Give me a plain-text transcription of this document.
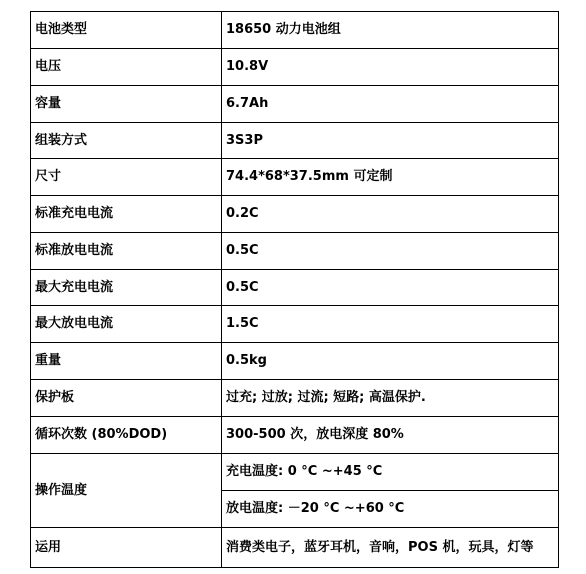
电池类型	18650 动力电池组
电压	10.8V
容量	6.7Ah
组装方式	3S3P
尺寸	74.4*68*37.5mm 可定制
标准充电电流	0.2C
标准放电电流	0.5C
最大充电电流	0.5C
最大放电电流	1.5C
重量	0.5kg
保护板	过充; 过放; 过流; 短路; 高温保护.
循环次数 (80%DOD)	300-500 次，放电深度 80%
操作温度	充电温度: 0 °C ~+45 °C
	放电温度: －20 °C ~+60 °C
运用	消费类电子，蓝牙耳机，音响，POS 机，玩具，灯等
